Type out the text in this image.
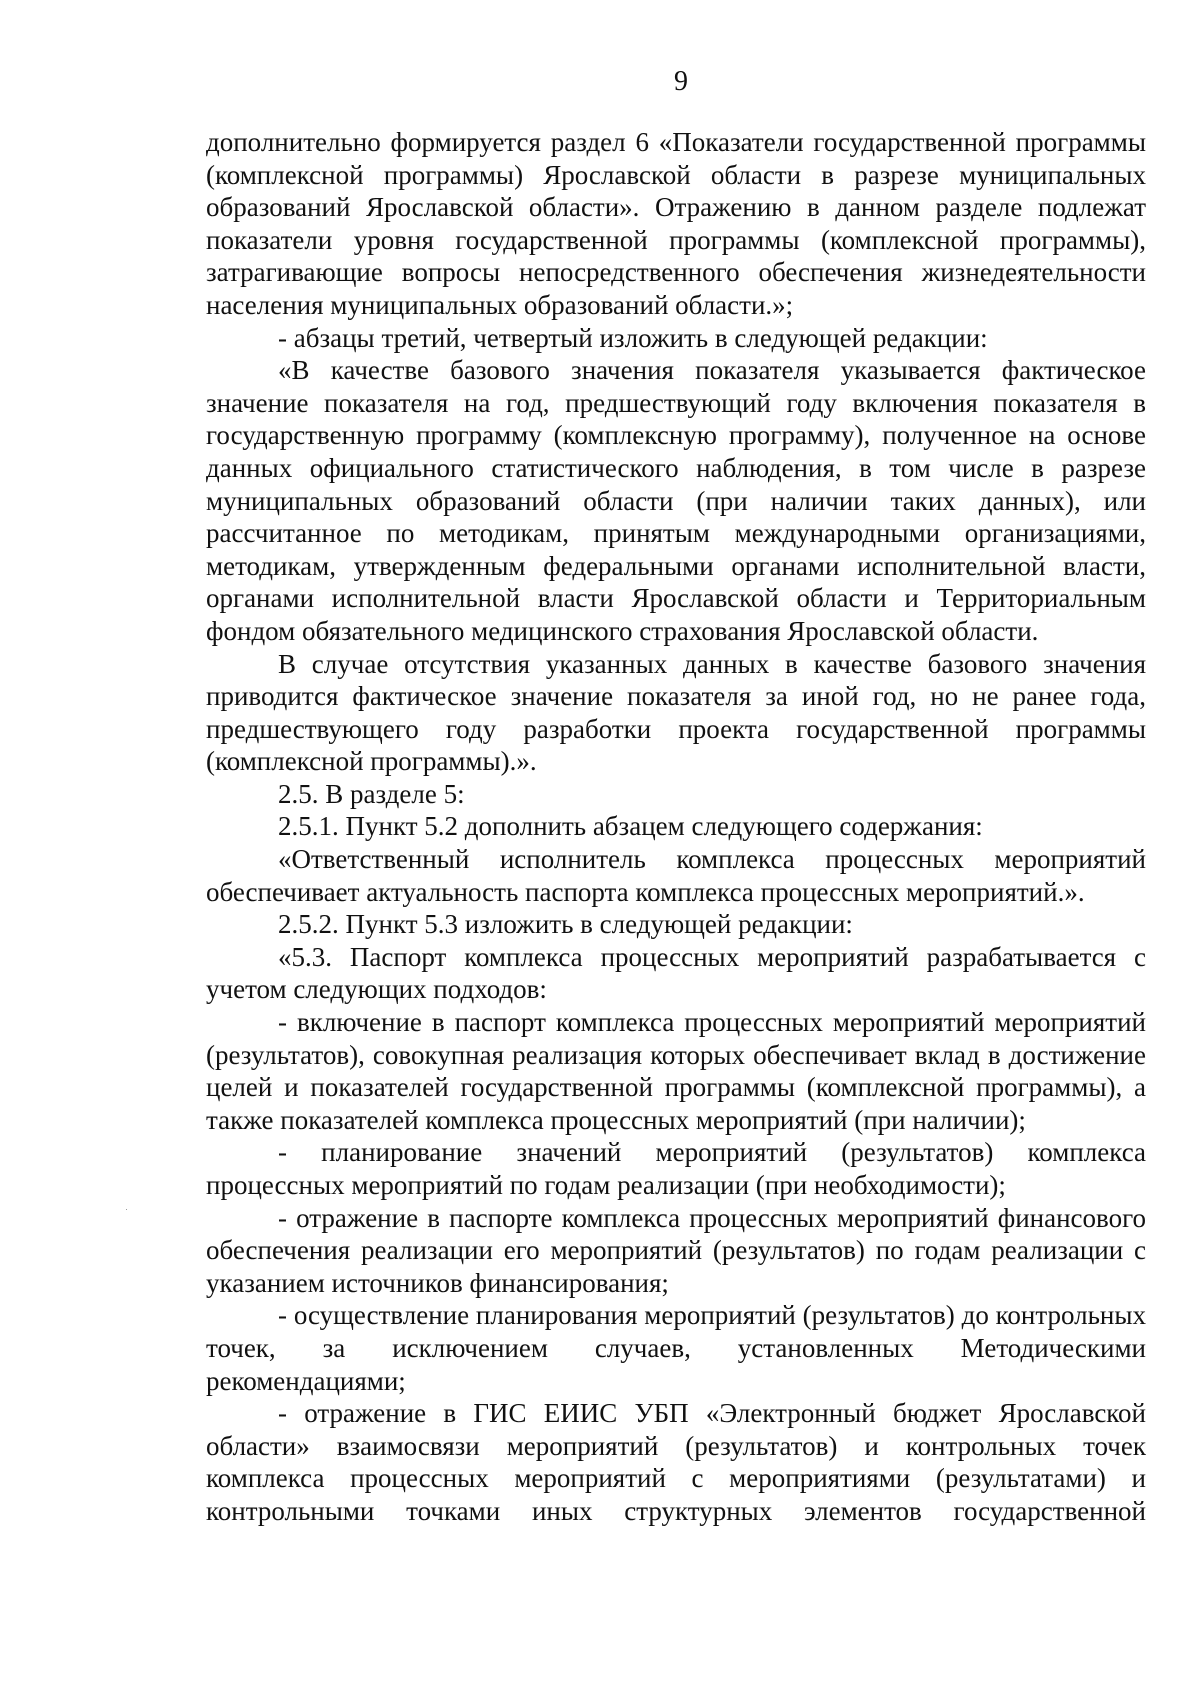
9

дополнительно формируется раздел 6 «Показатели государственной программы (комплексной программы) Ярославской области в разрезе муниципальных образований Ярославской области». Отражению в данном разделе подлежат показатели уровня государственной программы (комплексной программы), затрагивающие вопросы непосредственного обеспечения жизнедеятельности населения муниципальных образований области.»;

- абзацы третий, четвертый изложить в следующей редакции:

«В качестве базового значения показателя указывается фактическое значение показателя на год, предшествующий году включения показателя в государственную программу (комплексную программу), полученное на основе данных официального статистического наблюдения, в том числе в разрезе муниципальных образований области (при наличии таких данных), или рассчитанное по методикам, принятым международными организациями, методикам, утвержденным федеральными органами исполнительной власти, органами исполнительной власти Ярославской области и Территориальным фондом обязательного медицинского страхования Ярославской области.

В случае отсутствия указанных данных в качестве базового значения приводится фактическое значение показателя за иной год, но не ранее года, предшествующего году разработки проекта государственной программы (комплексной программы).».

2.5. В разделе 5:

2.5.1. Пункт 5.2 дополнить абзацем следующего содержания:

«Ответственный исполнитель комплекса процессных мероприятий обеспечивает актуальность паспорта комплекса процессных мероприятий.».

2.5.2. Пункт 5.3 изложить в следующей редакции:

«5.3. Паспорт комплекса процессных мероприятий разрабатывается с учетом следующих подходов:

- включение в паспорт комплекса процессных мероприятий мероприятий (результатов), совокупная реализация которых обеспечивает вклад в достижение целей и показателей государственной программы (комплексной программы), а также показателей комплекса процессных мероприятий (при наличии);

- планирование значений мероприятий (результатов) комплекса процессных мероприятий по годам реализации (при необходимости);

- отражение в паспорте комплекса процессных мероприятий финансового обеспечения реализации его мероприятий (результатов) по годам реализации с указанием источников финансирования;

- осуществление планирования мероприятий (результатов) до контрольных точек, за исключением случаев, установленных Методическими рекомендациями;

- отражение в ГИС ЕИИС УБП «Электронный бюджет Ярославской области» взаимосвязи мероприятий (результатов) и контрольных точек комплекса процессных мероприятий с мероприятиями (результатами) и контрольными точками иных структурных элементов государственной
